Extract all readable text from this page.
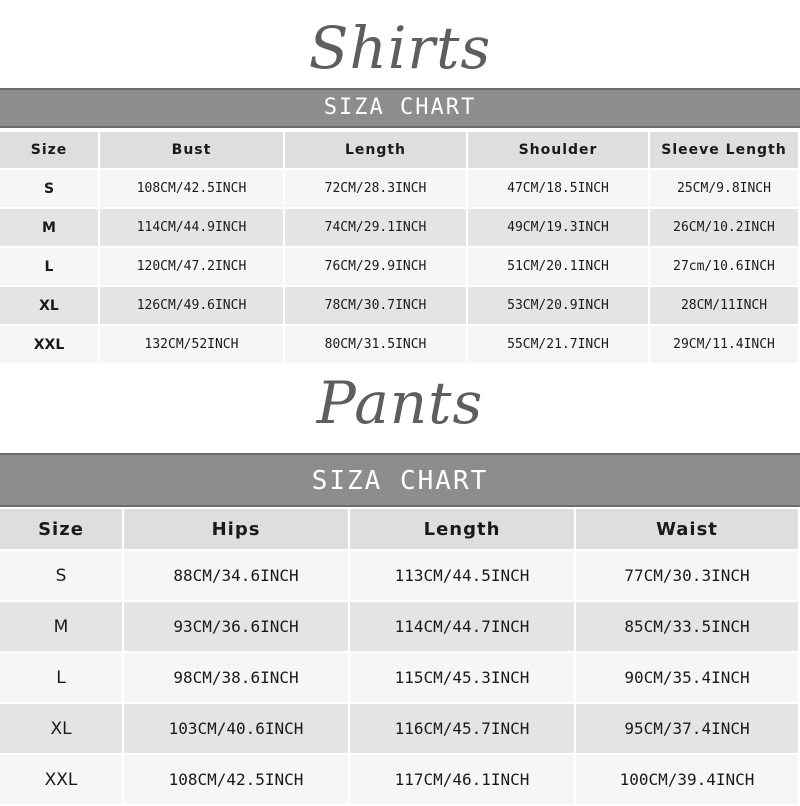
Shirts
SIZA CHART
Size	Bust	Length	Shoulder	Sleeve Length
S	108CM/42.5INCH	72CM/28.3INCH	47CM/18.5INCH	25CM/9.8INCH
M	114CM/44.9INCH	74CM/29.1INCH	49CM/19.3INCH	26CM/10.2INCH
L	120CM/47.2INCH	76CM/29.9INCH	51CM/20.1INCH	27cm/10.6INCH
XL	126CM/49.6INCH	78CM/30.7INCH	53CM/20.9INCH	28CM/11INCH
XXL	132CM/52INCH	80CM/31.5INCH	55CM/21.7INCH	29CM/11.4INCH
Pants
SIZA CHART
Size	Hips	Length	Waist
S	88CM/34.6INCH	113CM/44.5INCH	77CM/30.3INCH
M	93CM/36.6INCH	114CM/44.7INCH	85CM/33.5INCH
L	98CM/38.6INCH	115CM/45.3INCH	90CM/35.4INCH
XL	103CM/40.6INCH	116CM/45.7INCH	95CM/37.4INCH
XXL	108CM/42.5INCH	117CM/46.1INCH	100CM/39.4INCH
